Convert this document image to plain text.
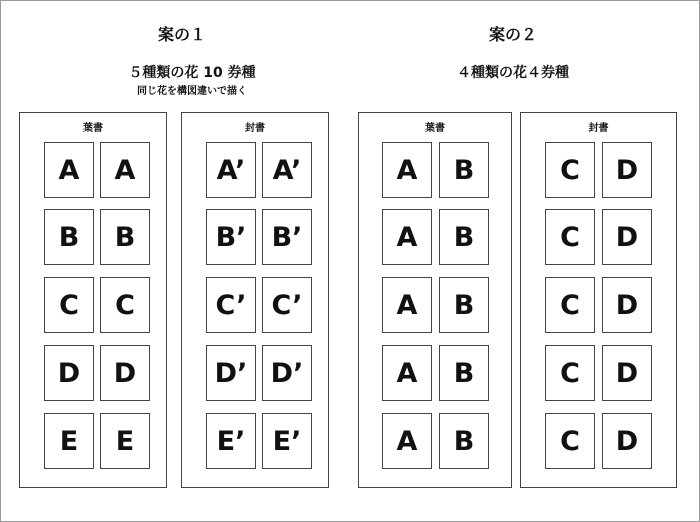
案の１
５種類の花 10 券種
同じ花を構図違いで描く
案の２
４種類の花４券種
葉書
A	A
B	B
C	C
D	D
E	E
封書
A’	A’
B’ B’
C’ C’
D’ D’
E’	E’
葉書
A	B
A	B
A	B
A	B
A	B
封書
C	D
C	D
C	D
C	D
C	D
